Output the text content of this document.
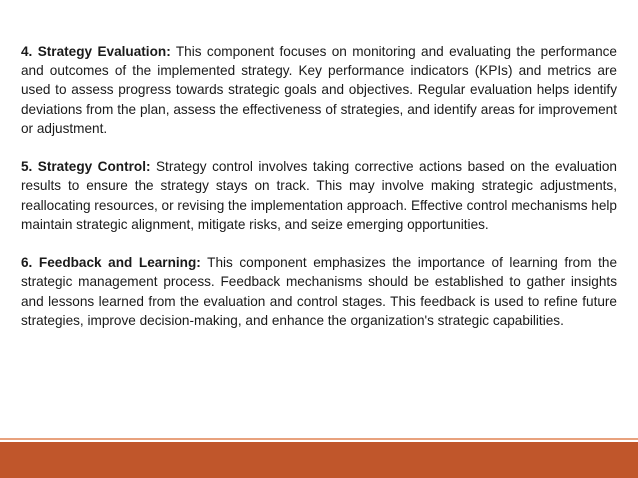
4. Strategy Evaluation: This component focuses on monitoring and evaluating the performance and outcomes of the implemented strategy. Key performance indicators (KPIs) and metrics are used to assess progress towards strategic goals and objectives. Regular evaluation helps identify deviations from the plan, assess the effectiveness of strategies, and identify areas for improvement or adjustment.

5. Strategy Control: Strategy control involves taking corrective actions based on the evaluation results to ensure the strategy stays on track. This may involve making strategic adjustments, reallocating resources, or revising the implementation approach. Effective control mechanisms help maintain strategic alignment, mitigate risks, and seize emerging opportunities.

6. Feedback and Learning: This component emphasizes the importance of learning from the strategic management process. Feedback mechanisms should be established to gather insights and lessons learned from the evaluation and control stages. This feedback is used to refine future strategies, improve decision-making, and enhance the organization's strategic capabilities.
